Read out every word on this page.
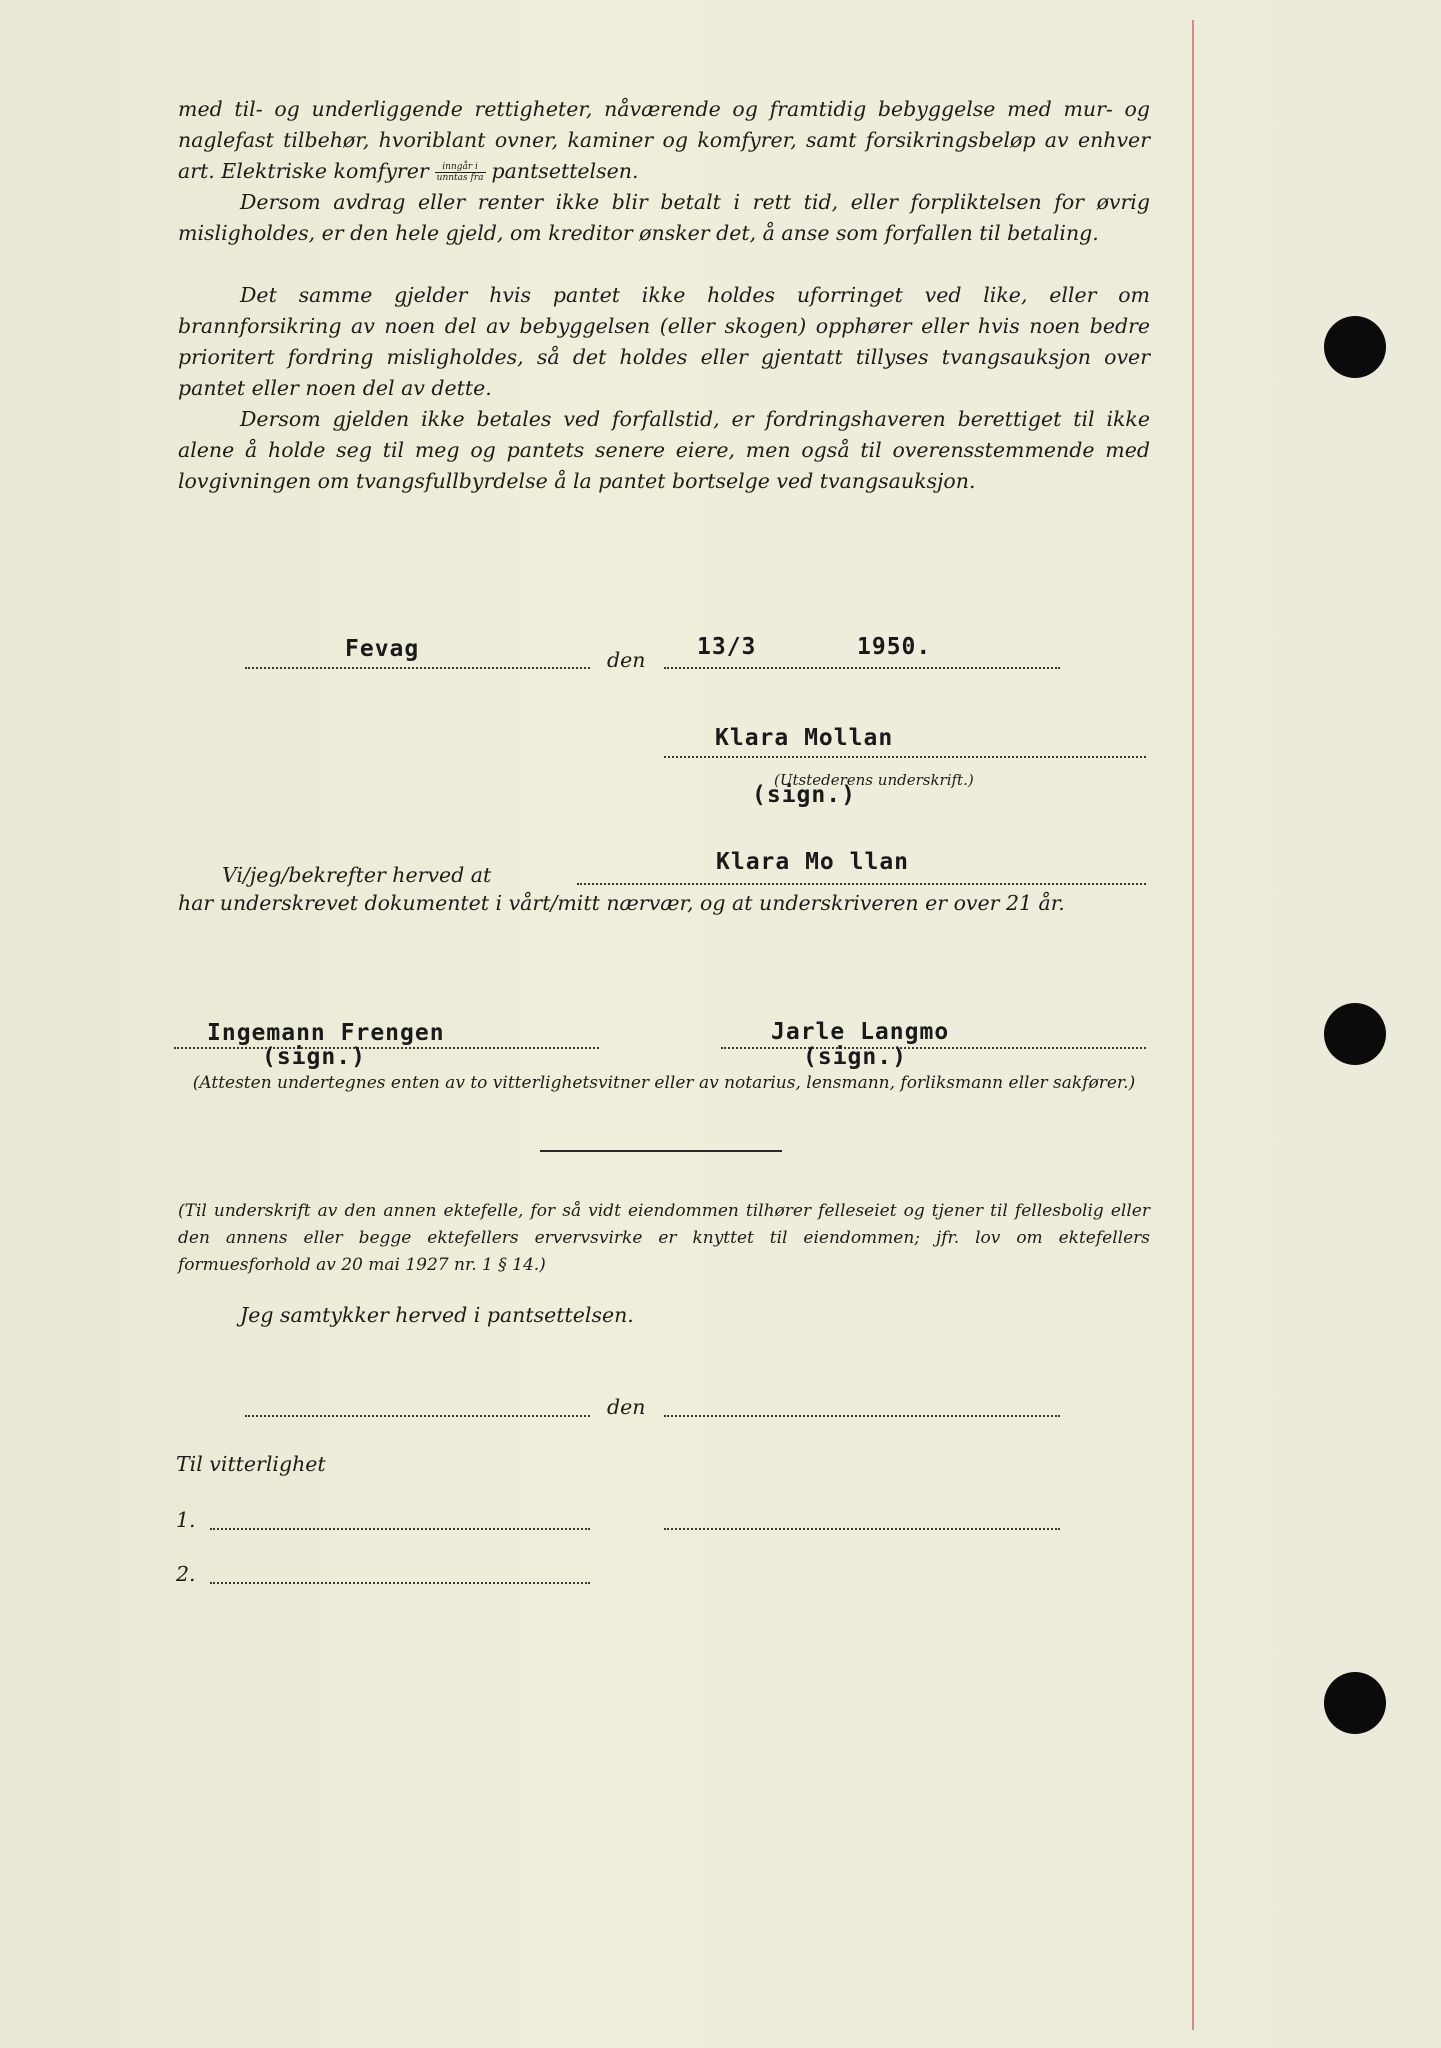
med til- og underliggende rettigheter, nåværende og framtidig bebyggelse med mur- og naglefast tilbehør, hvoriblant ovner, kaminer og komfyrer, samt forsikringsbeløp av enhver art. Elektriske komfyrer $\frac{\text{inngår i}}{\text{unntas fra}}$ pantsettelsen.

Dersom avdrag eller renter ikke blir betalt i rett tid, eller forpliktelsen for øvrig misligholdes, er den hele gjeld, om kreditor ønsker det, å anse som forfallen til betaling.

Det samme gjelder hvis pantet ikke holdes uforringet ved like, eller om brannforsikring av noen del av bebyggelsen (eller skogen) opphører eller hvis noen bedre prioritert fordring misligholdes, så det holdes eller gjentatt tillyses tvangsauksjon over pantet eller noen del av dette.

Dersom gjelden ikke betales ved forfallstid, er fordringshaveren berettiget til ikke alene å holde seg til meg og pantets senere eiere, men også til overensstemmende med lovgivningen om tvangsfullbyrdelse å la pantet bortselge ved tvangsauksjon.

Fevag	den 13/3	1950.
Klara Mollan
(Utstederens underskrift.)
(sign.)
Vi/jeg/bekrefter herved at	Klara Mo llan

har underskrevet dokumentet i vårt/mitt nærvær, og at underskriveren er over 21 år.

Ingemann Frengen
(sign.)
Jarle Langmo
(sign.)

(Attesten undertegnes enten av to vitterlighetsvitner eller av notarius, lensmann, forliksmann eller sakfører.)

(Til underskrift av den annen ektefelle, for så vidt eiendommen tilhører felleseiet og tjener til fellesbolig eller den annens eller begge ektefellers ervervsvirke er knyttet til eiendommen; jfr. lov om ektefellers formuesforhold av 20 mai 1927 nr. 1 § 14.)

Jeg samtykker herved i pantsettelsen.
den
Til vitterlighet
1.
2.
